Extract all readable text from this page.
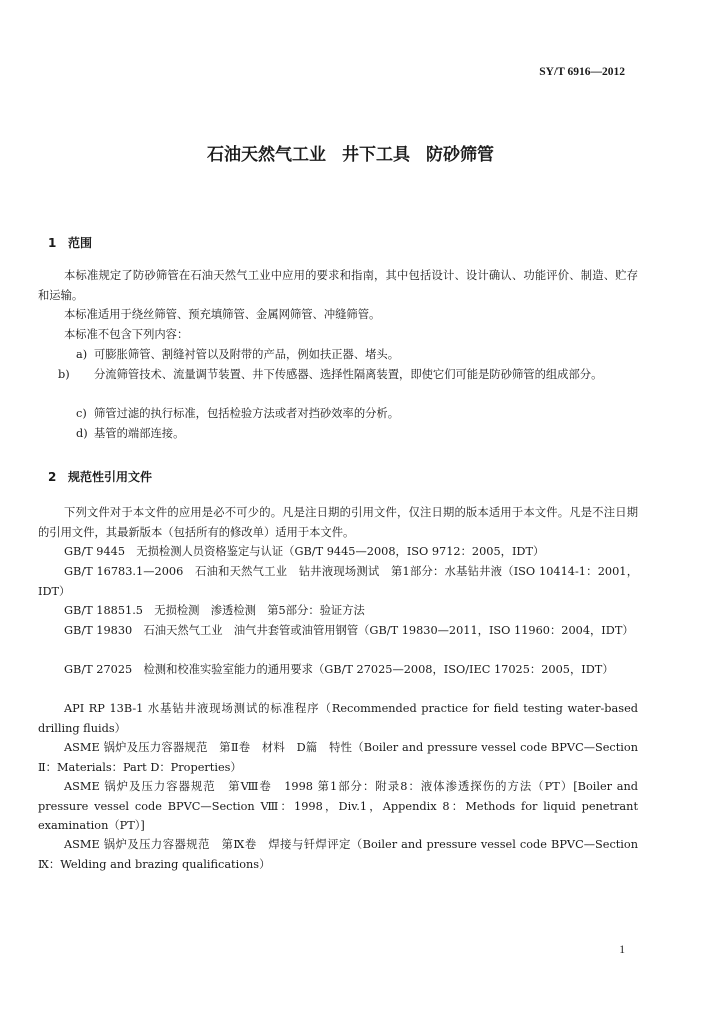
SY/T 6916—2012
石油天然气工业 井下工具 防砂筛管
1 范围
本标准规定了防砂筛管在石油天然气工业中应用的要求和指南，其中包括设计、设计确认、功能评价、制造、贮存和运输。
本标准适用于绕丝筛管、预充填筛管、金属网筛管、冲缝筛管。
本标准不包含下列内容：
a) 可膨胀筛管、割缝衬管以及附带的产品，例如扶正器、堵头。
b) 分流筛管技术、流量调节装置、井下传感器、选择性隔离装置，即使它们可能是防砂筛管的组成部分。
c) 筛管过滤的执行标准，包括检验方法或者对挡砂效率的分析。
d) 基管的端部连接。
2 规范性引用文件
下列文件对于本文件的应用是必不可少的。凡是注日期的引用文件，仅注日期的版本适用于本文件。凡是不注日期的引用文件，其最新版本（包括所有的修改单）适用于本文件。
GB/T 9445　无损检测人员资格鉴定与认证（GB/T 9445—2008，ISO 9712：2005，IDT）
GB/T 16783.1—2006　石油和天然气工业　钻井液现场测试　第1部分：水基钻井液（ISO 10414-1：2001，IDT）
GB/T 18851.5　无损检测　渗透检测　第5部分：验证方法
GB/T 19830　石油天然气工业　油气井套管或油管用钢管（GB/T 19830—2011，ISO 11960：2004，IDT）
GB/T 27025　检测和校准实验室能力的通用要求（GB/T 27025—2008，ISO/IEC 17025：2005，IDT）
API RP 13B-1 水基钻井液现场测试的标准程序（Recommended practice for field testing water-based drilling fluids）
ASME 锅炉及压力容器规范　第Ⅱ卷　材料　D篇　特性（Boiler and pressure vessel code BPVC—Section Ⅱ：Materials：Part D：Properties）
ASME 锅炉及压力容器规范　第Ⅷ卷　1998 第1部分：附录8：液体渗透探伤的方法（PT）[Boiler and pressure vessel code BPVC—Section Ⅷ：1998，Div.1，Appendix 8：Methods for liquid penetrant examination（PT）]
ASME 锅炉及压力容器规范　第Ⅸ卷　焊接与钎焊评定（Boiler and pressure vessel code BPVC—Section Ⅸ：Welding and brazing qualifications）
1
